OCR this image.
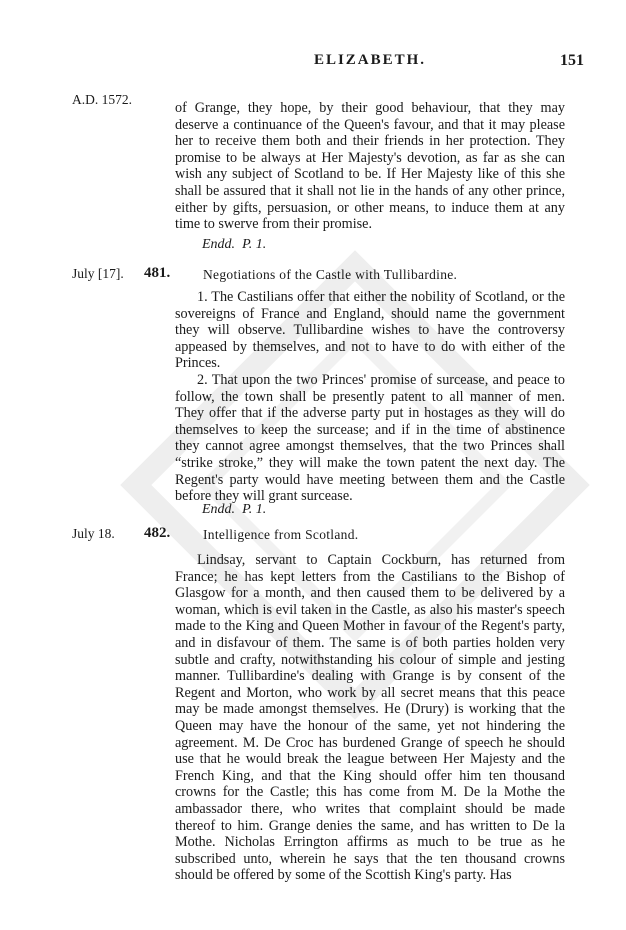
ELIZABETH.	151
A.D. 1572.

of Grange, they hope, by their good behaviour, that they may deserve a continuance of the Queen's favour, and that it may please her to receive them both and their friends in her protection. They promise to be always at Her Majesty's devotion, as far as she can wish any subject of Scotland to be. If Her Majesty like of this she shall be assured that it shall not lie in the hands of any other prince, either by gifts, persuasion, or other means, to induce them at any time to swerve from their promise.

Endd. P. 1.
July [17]. 481. Negotiations of the Castle with Tullibardine.

1. The Castilians offer that either the nobility of Scotland, or the sovereigns of France and England, should name the government they will observe. Tullibardine wishes to have the controversy appeased by themselves, and not to have to do with either of the Princes.

2. That upon the two Princes' promise of surcease, and peace to follow, the town shall be presently patent to all manner of men. They offer that if the adverse party put in hostages as they will do themselves to keep the surcease; and if in the time of abstinence they cannot agree amongst themselves, that the two Princes shall “strike stroke,” they will make the town patent the next day. The Regent's party would have meeting between them and the Castle before they will grant surcease.

Endd. P. 1.
July 18. 482. Intelligence from Scotland.

Lindsay, servant to Captain Cockburn, has returned from France; he has kept letters from the Castilians to the Bishop of Glasgow for a month, and then caused them to be delivered by a woman, which is evil taken in the Castle, as also his master's speech made to the King and Queen Mother in favour of the Regent's party, and in disfavour of them. The same is of both parties holden very subtle and crafty, notwithstanding his colour of simple and jesting manner. Tullibardine's dealing with Grange is by consent of the Regent and Morton, who work by all secret means that this peace may be made amongst themselves. He (Drury) is working that the Queen may have the honour of the same, yet not hindering the agreement. M. De Croc has burdened Grange of speech he should use that he would break the league between Her Majesty and the French King, and that the King should offer him ten thousand crowns for the Castle; this has come from M. De la Mothe the ambassador there, who writes that complaint should be made thereof to him. Grange denies the same, and has written to De la Mothe. Nicholas Errington affirms as much to be true as he subscribed unto, wherein he says that the ten thousand crowns should be offered by some of the Scottish King's party. Has
